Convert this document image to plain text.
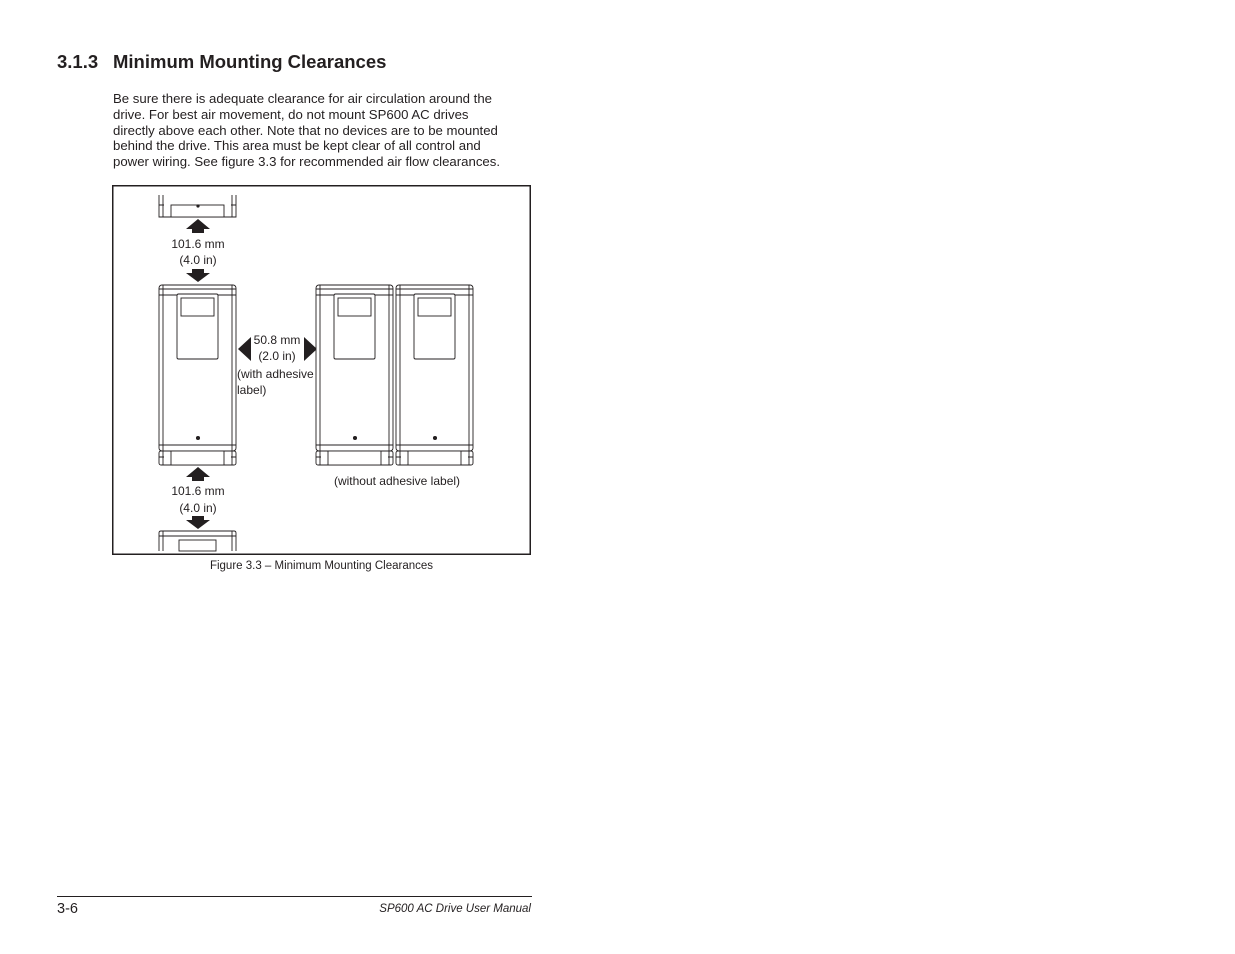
3.1.3 Minimum Mounting Clearances
Be sure there is adequate clearance for air circulation around the
drive. For best air movement, do not mount SP600 AC drives
directly above each other. Note that no devices are to be mounted
behind the drive. This area must be kept clear of all control and
power wiring. See figure 3.3 for recommended air flow clearances.
101.6 mm
(4.0 in)
50.8 mm
(2.0 in)
(with adhesive
label)
(without adhesive label)
101.6 mm
(4.0 in)
Figure 3.3 – Minimum Mounting Clearances
3-6	SP600 AC Drive User Manual
